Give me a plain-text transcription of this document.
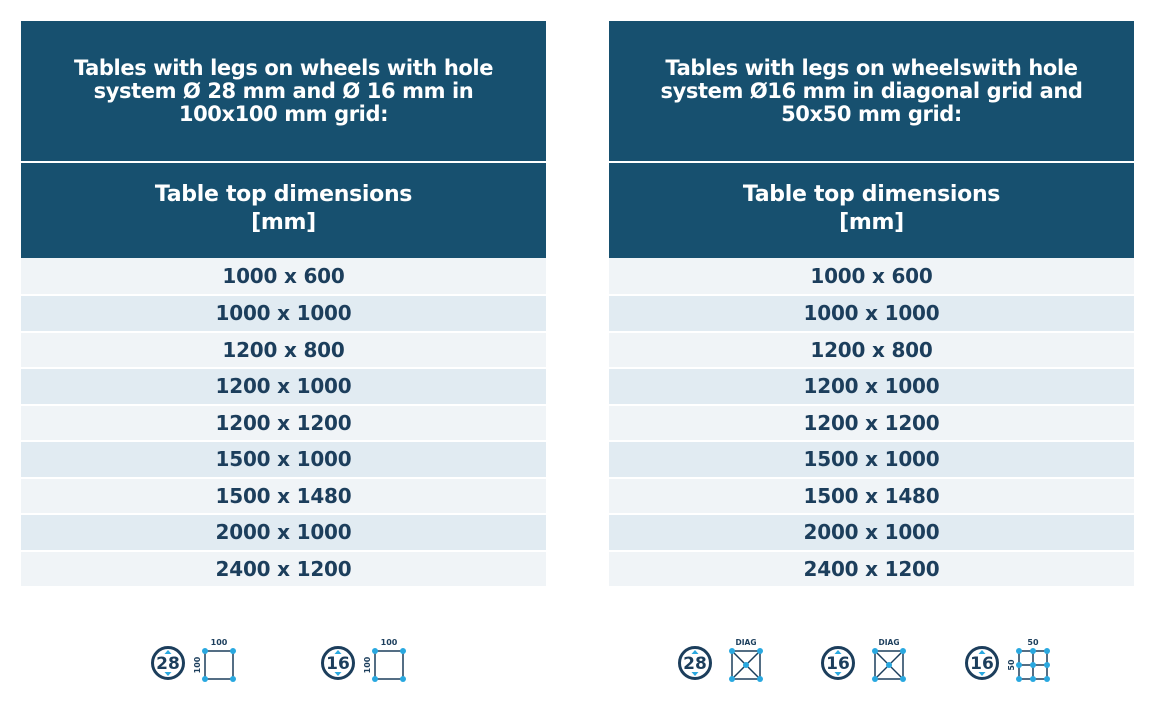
Tables with legs on wheels with hole
system Ø 28 mm and Ø 16 mm in
100x100 mm grid:
Table top dimensions
[mm]
1000 x 600
1000 x 1000
1200 x 800
1200 x 1000
1200 x 1200
1500 x 1000
1500 x 1480
2000 x 1000
2400 x 1200
Tables with legs on wheelswith hole
system Ø16 mm in diagonal grid and
50x50 mm grid:
Table top dimensions
[mm]
1000 x 600
1000 x 1000
1200 x 800
1200 x 1000
1200 x 1200
1500 x 1000
1500 x 1480
2000 x 1000
2400 x 1200
28
100
100	16
100
100	28
DIAG
16
DIAG
16
50
50
